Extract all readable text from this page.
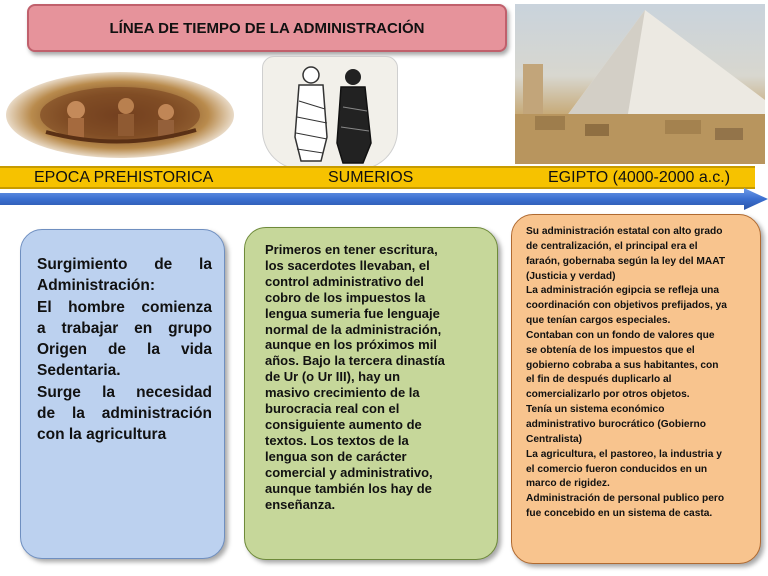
LÍNEA DE TIEMPO DE LA ADMINISTRACIÓN
EPOCA PREHISTORICA	SUMERIOS	EGIPTO (4000-2000 a.c.)

Surgimiento de la

Administración:

El hombre comienza

a trabajar en grupo

Origen de la vida

Sedentaria.

Surge la necesidad

de la administración

con la agricultura

Primeros en tener escritura,

los sacerdotes llevaban, el

control administrativo del

cobro de los impuestos la

lengua sumeria fue lenguaje

normal de la administración,

aunque en los próximos mil

años. Bajo la tercera dinastía

de Ur (o Ur III), hay un

masivo crecimiento de la

burocracia real con el

consiguiente aumento de

textos. Los textos de la

lengua son de carácter

comercial y administrativo,

aunque también los hay de

enseñanza.

Su administración estatal con alto grado

de centralización, el principal era el

faraón, gobernaba según la ley del MAAT

(Justicia y verdad)

La administración egipcia se refleja una

coordinación con objetivos prefijados, ya

que tenían cargos especiales.

Contaban con un fondo de valores que

se obtenía de los impuestos que el

gobierno cobraba a sus habitantes, con

el fin de después duplicarlo al

comercializarlo por otros objetos.

Tenía un sistema económico

administrativo burocrático (Gobierno

Centralista)

La agricultura, el pastoreo, la industria y

el comercio fueron conducidos en un

marco de rigidez.

Administración de personal publico pero

fue concebido en un sistema de casta.
